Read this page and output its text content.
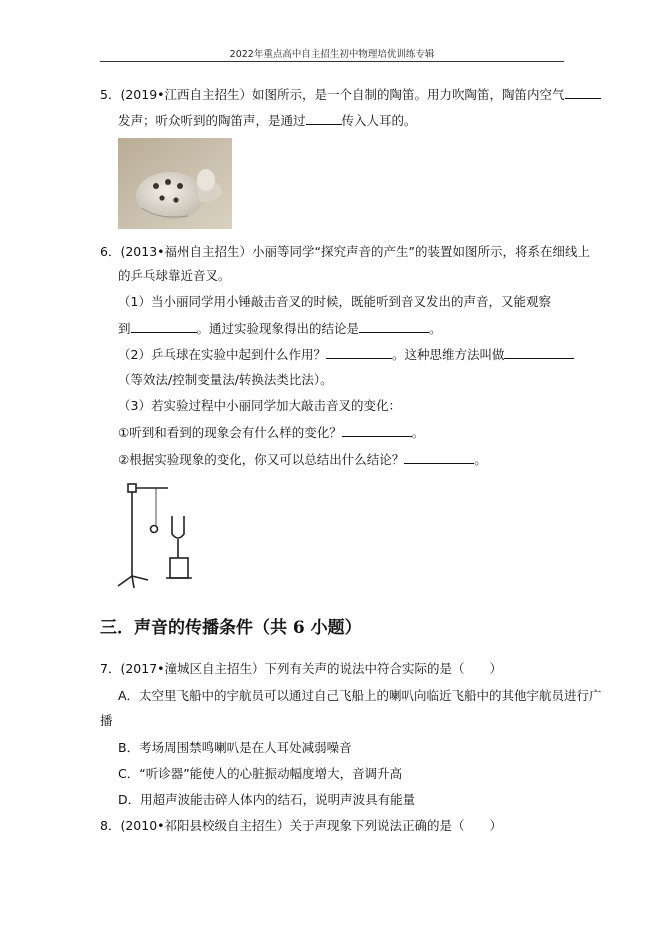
2022年重点高中自主招生初中物理培优训练专辑
5．(2019•江西自主招生）如图所示，是一个自制的陶笛。用力吹陶笛，陶笛内空气
发声；听众听到的陶笛声，是通过	传入人耳的。
6．(2013•福州自主招生）小丽等同学“探究声音的产生”的装置如图所示，将系在细线上
的乒乓球靠近音叉。
（1）当小丽同学用小锤敲击音叉的时候，既能听到音叉发出的声音，又能观察
到	。通过实验现象得出的结论是	。
（2）乒乓球在实验中起到什么作用？	。这种思维方法叫做
（等效法/控制变量法/转换法类比法）。
（3）若实验过程中小丽同学加大敲击音叉的变化：
①听到和看到的现象会有什么样的变化？	。
②根据实验现象的变化，你又可以总结出什么结论？	。
三．声音的传播条件（共 6 小题）
7．(2017•潼城区自主招生）下列有关声的说法中符合实际的是（　　）
A．太空里飞船中的宇航员可以通过自己飞船上的喇叭向临近飞船中的其他宇航员进行广
播
B．考场周围禁鸣喇叭是在人耳处减弱噪音
C．“听诊器”能使人的心脏振动幅度增大，音调升高
D．用超声波能击碎人体内的结石，说明声波具有能量
8．(2010•祁阳县校级自主招生）关于声现象下列说法正确的是（　　）
